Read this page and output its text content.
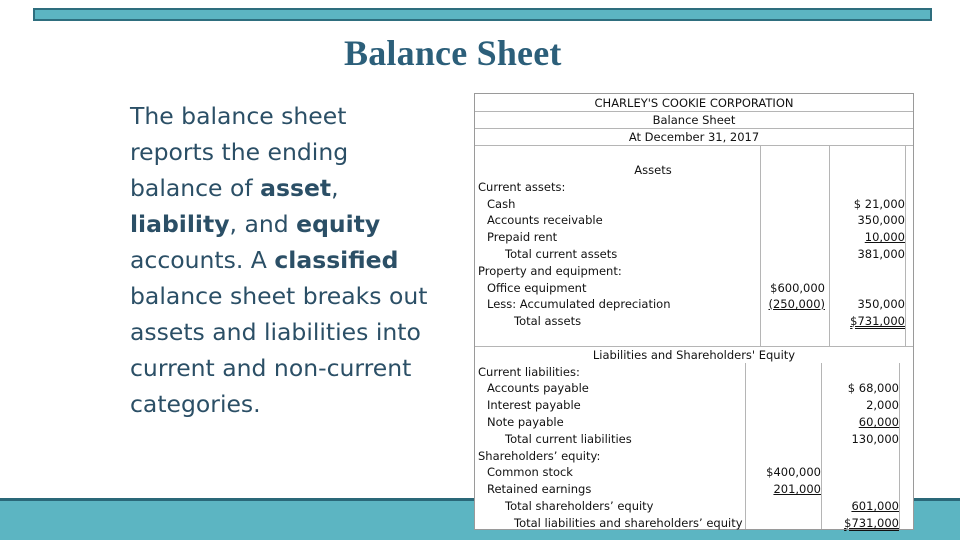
Balance Sheet
The balance sheet reports the ending balance of asset, liability, and equity accounts. A classified balance sheet breaks out assets and liabilities into current and non-current categories.
CHARLEY'S COOKIE CORPORATION
Balance Sheet
At December 31, 2017
Assets
Current assets:
Cash	$ 21,000
Accounts receivable	350,000
Prepaid rent	10,000
Total current assets	381,000
Property and equipment:
Office equipment	$600,000
Less: Accumulated depreciation	(250,000)	350,000
Total assets	$731,000
Liabilities and Shareholders' Equity
Current liabilities:
Accounts payable	$ 68,000
Interest payable	2,000
Note payable	60,000
Total current liabilities	130,000
Shareholders’ equity:
Common stock	$400,000
Retained earnings	201,000
Total shareholders’ equity	601,000
Total liabilities and shareholders’ equity	$731,000
